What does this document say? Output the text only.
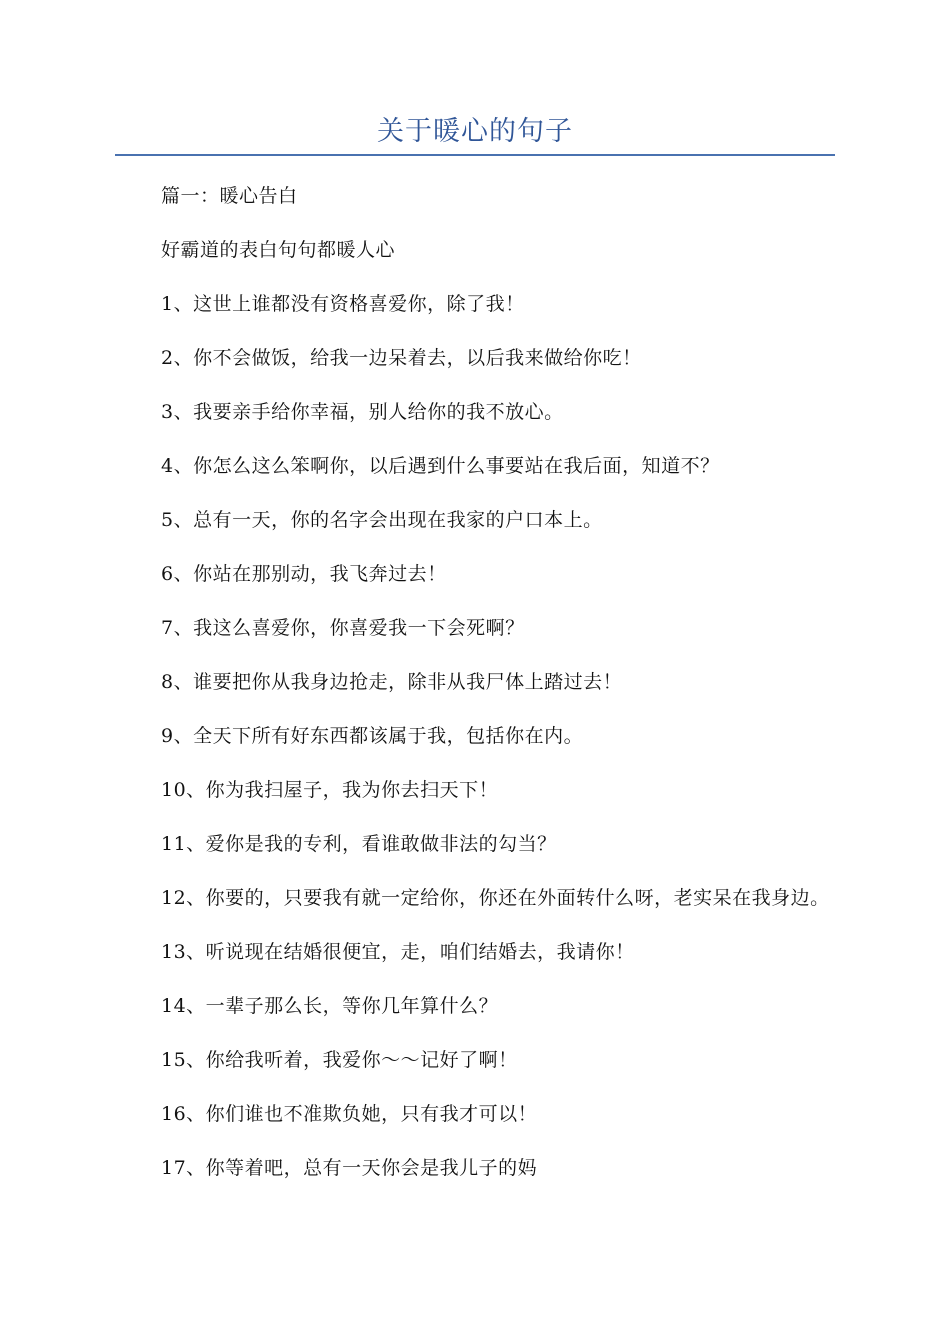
关于暖心的句子

篇一：暖心告白

好霸道的表白句句都暖人心

1、这世上谁都没有资格喜爱你，除了我！

2、你不会做饭，给我一边呆着去，以后我来做给你吃！

3、我要亲手给你幸福，别人给你的我不放心。

4、你怎么这么笨啊你，以后遇到什么事要站在我后面，知道不？

5、总有一天，你的名字会出现在我家的户口本上。

6、你站在那别动，我飞奔过去！

7、我这么喜爱你，你喜爱我一下会死啊？

8、谁要把你从我身边抢走，除非从我尸体上踏过去！

9、全天下所有好东西都该属于我，包括你在内。

10、你为我扫屋子，我为你去扫天下！

11、爱你是我的专利，看谁敢做非法的勾当？

12、你要的，只要我有就一定给你，你还在外面转什么呀，老实呆在我身边。

13、听说现在结婚很便宜，走，咱们结婚去，我请你！

14、一辈子那么长，等你几年算什么？

15、你给我听着，我爱你～～记好了啊！

16、你们谁也不准欺负她，只有我才可以！

17、你等着吧，总有一天你会是我儿子的妈
